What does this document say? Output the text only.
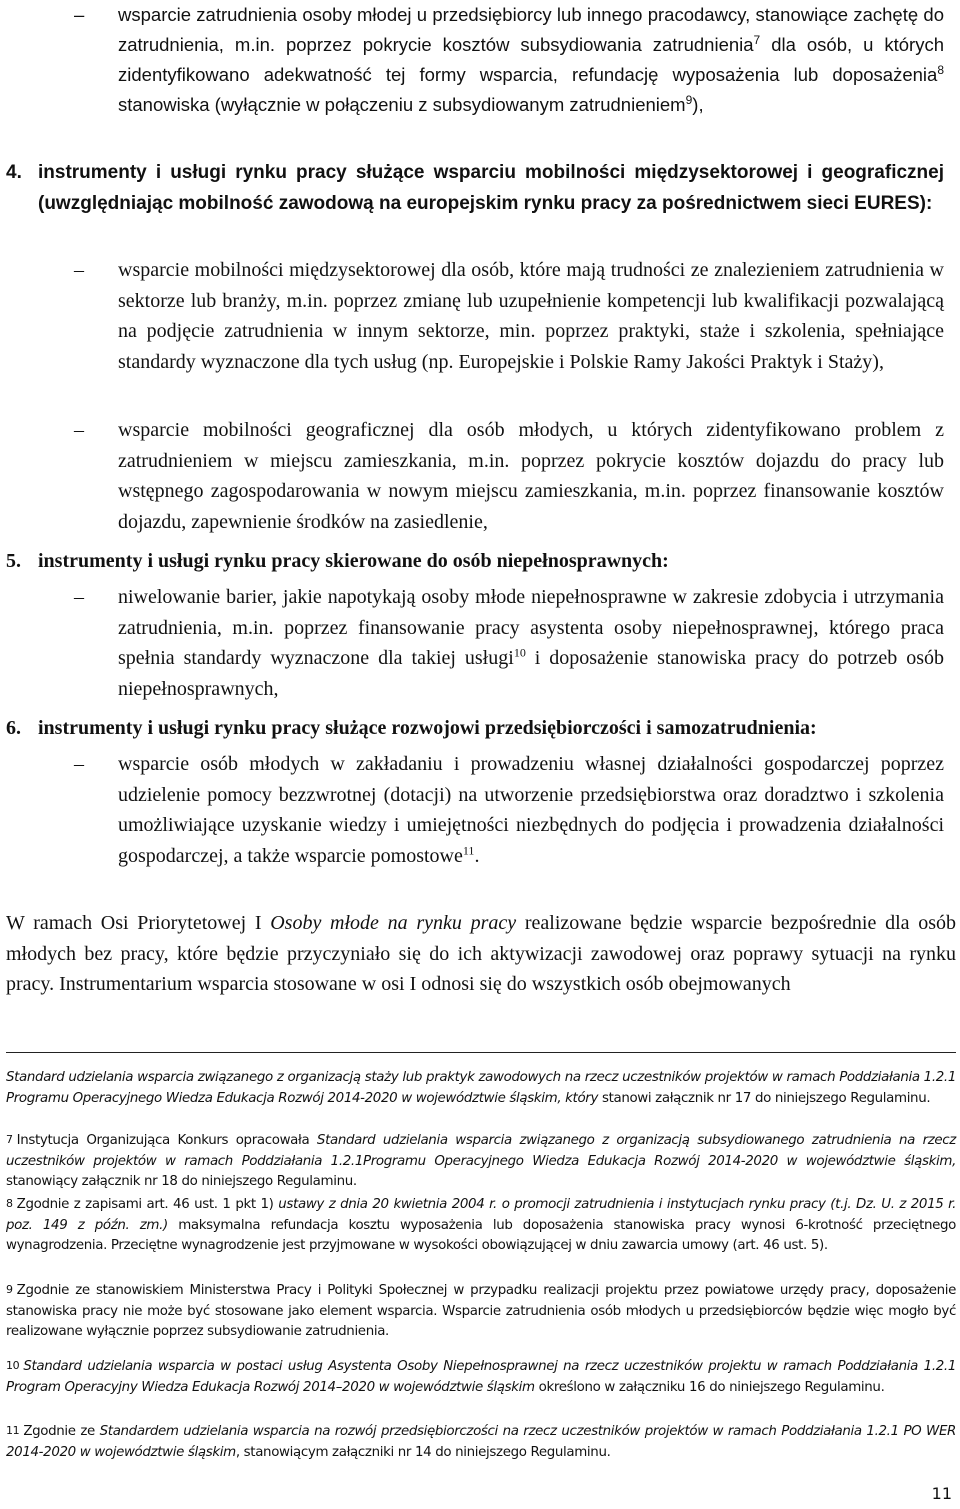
–	wsparcie zatrudnienia osoby młodej u przedsiębiorcy lub innego pracodawcy, stanowiące zachętę do zatrudnienia, m.in. poprzez pokrycie kosztów subsydiowania zatrudnienia$^7$ dla osób, u których zidentyfikowano adekwatność tej formy wsparcia, refundację wyposażenia lub doposażenia$^8$ stanowiska (wyłącznie w połączeniu z subsydiowanym zatrudnieniem$^9$),
4. instrumenty i usługi rynku pracy służące wsparciu mobilności międzysektorowej i geograficznej (uwzględniając mobilność zawodową na europejskim rynku pracy za pośrednictwem sieci EURES):
–	wsparcie mobilności międzysektorowej dla osób, które mają trudności ze znalezieniem zatrudnienia w sektorze lub branży, m.in. poprzez zmianę lub uzupełnienie kompetencji lub kwalifikacji pozwalającą na podjęcie zatrudnienia w innym sektorze, min. poprzez praktyki, staże i szkolenia, spełniające standardy wyznaczone dla tych usług (np. Europejskie i Polskie Ramy Jakości Praktyk i Staży),
–	wsparcie mobilności geograficznej dla osób młodych, u których zidentyfikowano problem z zatrudnieniem w miejscu zamieszkania, m.in. poprzez pokrycie kosztów dojazdu do pracy lub wstępnego zagospodarowania w nowym miejscu zamieszkania, m.in. poprzez finansowanie kosztów dojazdu, zapewnienie środków na zasiedlenie,
5. instrumenty i usługi rynku pracy skierowane do osób niepełnosprawnych:
–	niwelowanie barier, jakie napotykają osoby młode niepełnosprawne w zakresie zdobycia i utrzymania zatrudnienia, m.in. poprzez finansowanie pracy asystenta osoby niepełnosprawnej, którego praca spełnia standardy wyznaczone dla takiej usługi$^{10}$ i doposażenie stanowiska pracy do potrzeb osób niepełnosprawnych,
6. instrumenty i usługi rynku pracy służące rozwojowi przedsiębiorczości i samozatrudnienia:
–	wsparcie osób młodych w zakładaniu i prowadzeniu własnej działalności gospodarczej poprzez udzielenie pomocy bezzwrotnej (dotacji) na utworzenie przedsiębiorstwa oraz doradztwo i szkolenia umożliwiające uzyskanie wiedzy i umiejętności niezbędnych do podjęcia i prowadzenia działalności gospodarczej, a także wsparcie pomostowe$^{11}$.
W ramach Osi Priorytetowej I Osoby młode na rynku pracy realizowane będzie wsparcie bezpośrednie dla osób młodych bez pracy, które będzie przyczyniało się do ich aktywizacji zawodowej oraz poprawy sytuacji na rynku pracy. Instrumentarium wsparcia stosowane w osi I odnosi się do wszystkich osób obejmowanych
Standard udzielania wsparcia związanego z organizacją staży lub praktyk zawodowych na rzecz uczestników projektów w ramach Poddziałania 1.2.1 Programu Operacyjnego Wiedza Edukacja Rozwój 2014-2020 w województwie śląskim, który stanowi załącznik nr 17 do niniejszego Regulaminu.
7 Instytucja Organizująca Konkurs opracowała Standard udzielania wsparcia związanego z organizacją subsydiowanego zatrudnienia na rzecz uczestników projektów w ramach Poddziałania 1.2.1Programu Operacyjnego Wiedza Edukacja Rozwój 2014-2020 w województwie śląskim, stanowiący załącznik nr 18 do niniejszego Regulaminu.
8 Zgodnie z zapisami art. 46 ust. 1 pkt 1) ustawy z dnia 20 kwietnia 2004 r. o promocji zatrudnienia i instytucjach rynku pracy (t.j. Dz. U. z 2015 r. poz. 149 z późn. zm.) maksymalna refundacja kosztu wyposażenia lub doposażenia stanowiska pracy wynosi 6-krotność przeciętnego wynagrodzenia. Przeciętne wynagrodzenie jest przyjmowane w wysokości obowiązującej w dniu zawarcia umowy (art. 46 ust. 5).
9 Zgodnie ze stanowiskiem Ministerstwa Pracy i Polityki Społecznej w przypadku realizacji projektu przez powiatowe urzędy pracy, doposażenie stanowiska pracy nie może być stosowane jako element wsparcia. Wsparcie zatrudnienia osób młodych u przedsiębiorców będzie więc mogło być realizowane wyłącznie poprzez subsydiowanie zatrudnienia.
10 Standard udzielania wsparcia w postaci usług Asystenta Osoby Niepełnosprawnej na rzecz uczestników projektu w ramach Poddziałania 1.2.1 Program Operacyjny Wiedza Edukacja Rozwój 2014–2020 w województwie śląskim określono w załączniku 16 do niniejszego Regulaminu.
11 Zgodnie ze Standardem udzielania wsparcia na rozwój przedsiębiorczości na rzecz uczestników projektów w ramach Poddziałania 1.2.1 PO WER 2014-2020 w województwie śląskim, stanowiącym załączniki nr 14 do niniejszego Regulaminu.
11
